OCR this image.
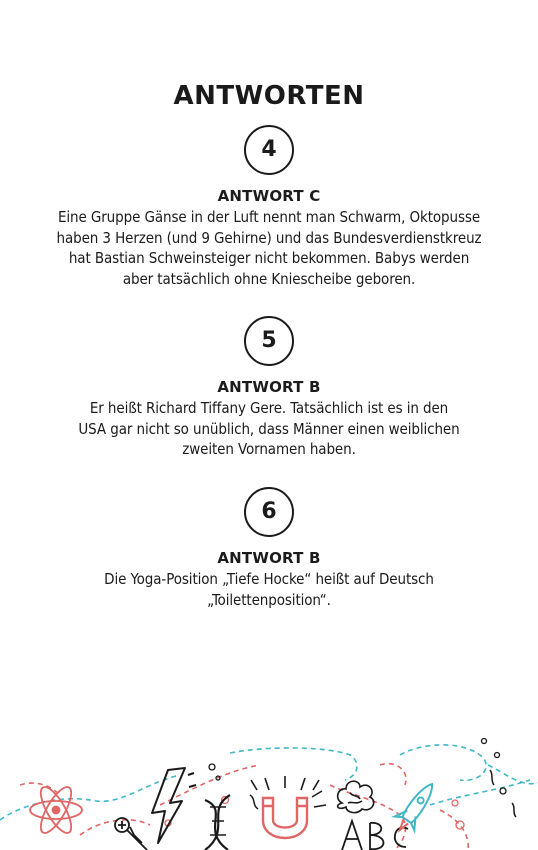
ANTWORTEN
4
ANTWORT C
Eine Gruppe Gänse in der Luft nennt man Schwarm, Oktopusse
haben 3 Herzen (und 9 Gehirne) und das Bundesverdienstkreuz
hat Bastian Schweinsteiger nicht bekommen. Babys werden
aber tatsächlich ohne Kniescheibe geboren.
5
ANTWORT B
Er heißt Richard Tiffany Gere. Tatsächlich ist es in den
USA gar nicht so unüblich, dass Männer einen weiblichen
zweiten Vornamen haben.
6
ANTWORT B
Die Yoga-Position „Tiefe Hocke“ heißt auf Deutsch
„Toilettenposition“.
